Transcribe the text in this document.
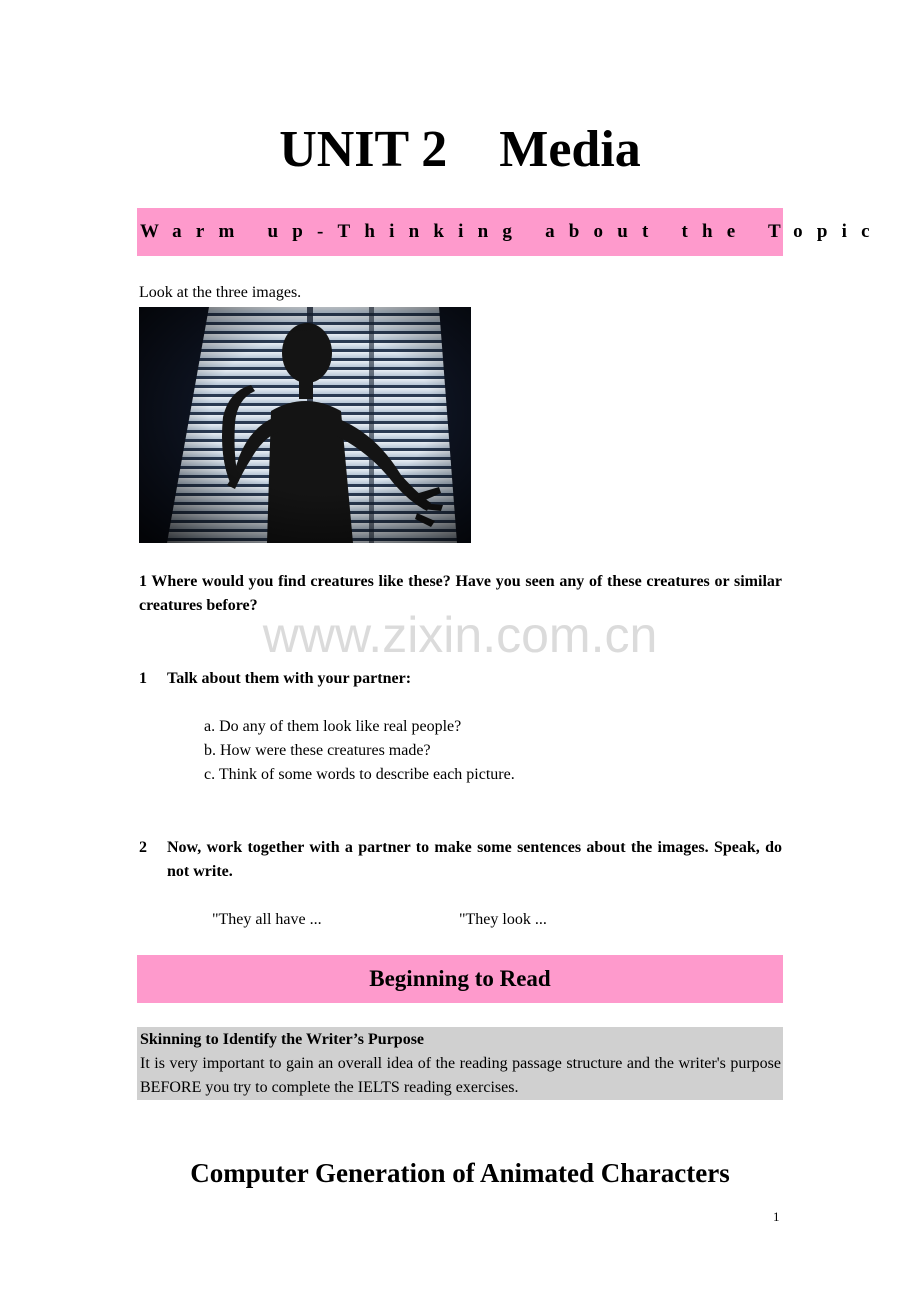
UNIT 2    Media
Warm up-Thinking about the Topic
Look at the three images.
1 Where would you find creatures like these? Have you seen any of these creatures or similar creatures before?
www.zixin.com.cn
1 Talk about them with your partner:
a. Do any of them look like real people?
b. How were these creatures made?
c. Think of some words to describe each picture.
2 Now, work together with a partner to make some sentences about the images. Speak, do not write.
"They all have ...	"They look ...
Beginning to Read
Skinning to Identify the Writer’s Purpose
It is very important to gain an overall idea of the reading passage structure and the writer's purpose BEFORE you try to complete the IELTS reading exercises.
Computer Generation of Animated Characters
1
